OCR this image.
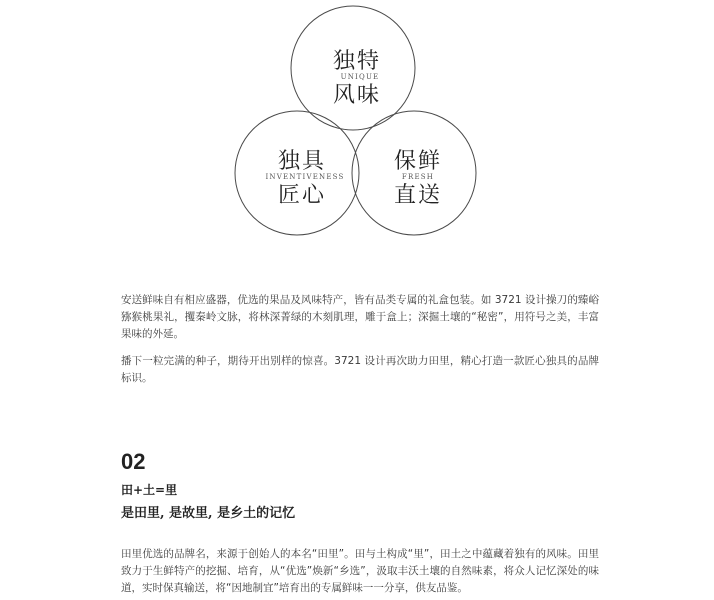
独特
UNIQUE
风味
独具
INVENTIVENESS
匠心
保鲜
FRESH
直送

安送鲜味自有相应盛器，优选的果品及风味特产，皆有品类专属的礼盒包装。如 3721 设计操刀的臻峪猕猴桃果礼，攫秦岭文脉，将林深菁绿的木刻肌理，雕于盒上；深掘土壤的“秘密”，用符号之美，丰富果味的外延。

播下一粒完满的种子，期待开出别样的惊喜。3721 设计再次助力田里，精心打造一款匠心独具的品牌标识。

02
田+土=里
是田里, 是故里, 是乡土的记忆

田里优选的品牌名，来源于创始人的本名“田里”。田与土构成“里”，田土之中蕴藏着独有的风味。田里致力于生鲜特产的挖掘、培育，从“优选”焕新“乡选”，汲取丰沃土壤的自然味素，将众人记忆深处的味道，实时保真输送，将“因地制宜”培育出的专属鲜味一一分享，供友品鉴。
